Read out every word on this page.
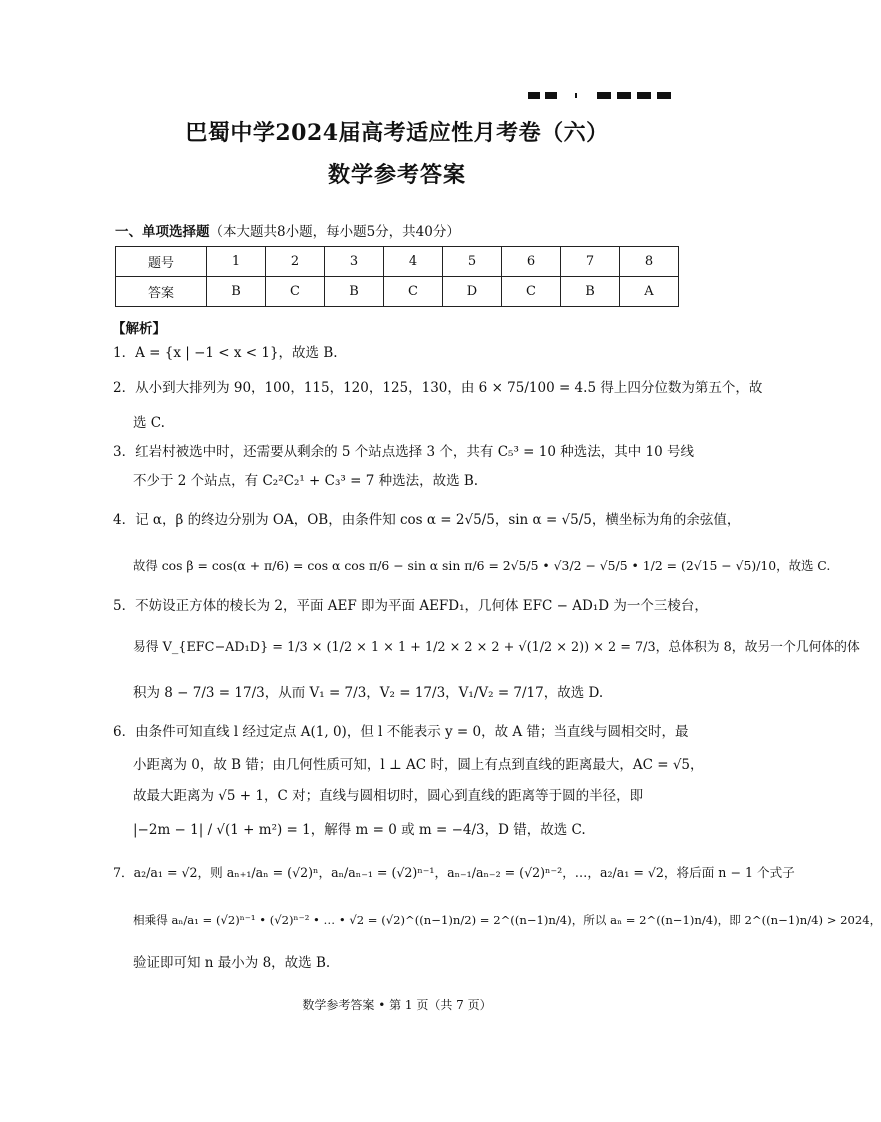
巴蜀中学2024届高考适应性月考卷（六）
数学参考答案
一、单项选择题（本大题共8小题，每小题5分，共40分）
题号	1	2	3	4	5	6	7	8
答案	B	C	B	C	D	C	B	A
【解析】
1．A = {x | −1 < x < 1}，故选 B.
2．从小到大排列为 90，100，115，120，125，130，由 6 × 75/100 = 4.5 得上四分位数为第五个，故
选 C.
3．红岩村被选中时，还需要从剩余的 5 个站点选择 3 个，共有 C₅³ = 10 种选法，其中 10 号线
不少于 2 个站点，有 C₂²C₂¹ + C₃³ = 7 种选法，故选 B.
4．记 α，β 的终边分别为 OA，OB，由条件知 cos α = 2√5/5，sin α = √5/5，横坐标为角的余弦值，
故得 cos β = cos(α + π/6) = cos α cos π/6 − sin α sin π/6 = 2√5/5 • √3/2 − √5/5 • 1/2 = (2√15 − √5)/10，故选 C.
5．不妨设正方体的棱长为 2，平面 AEF 即为平面 AEFD₁，几何体 EFC − AD₁D 为一个三棱台，
易得 V_{EFC−AD₁D} = 1/3 × (1/2 × 1 × 1 + 1/2 × 2 × 2 + √(1/2 × 2)) × 2 = 7/3，总体积为 8，故另一个几何体的体
积为 8 − 7/3 = 17/3，从而 V₁ = 7/3，V₂ = 17/3，V₁/V₂ = 7/17，故选 D.
6．由条件可知直线 l 经过定点 A(1, 0)，但 l 不能表示 y = 0，故 A 错；当直线与圆相交时，最
小距离为 0，故 B 错；由几何性质可知，l ⊥ AC 时，圆上有点到直线的距离最大，AC = √5，
故最大距离为 √5 + 1，C 对；直线与圆相切时，圆心到直线的距离等于圆的半径，即
|−2m − 1| / √(1 + m²) = 1，解得 m = 0 或 m = −4/3，D 错，故选 C.
7．a₂/a₁ = √2，则 aₙ₊₁/aₙ = (√2)ⁿ，aₙ/aₙ₋₁ = (√2)ⁿ⁻¹，aₙ₋₁/aₙ₋₂ = (√2)ⁿ⁻²，…，a₂/a₁ = √2，将后面 n − 1 个式子
相乘得 aₙ/a₁ = (√2)ⁿ⁻¹ • (√2)ⁿ⁻² • … • √2 = (√2)^((n−1)n/2) = 2^((n−1)n/4)，所以 aₙ = 2^((n−1)n/4)，即 2^((n−1)n/4) > 2024，
验证即可知 n 最小为 8，故选 B.
数学参考答案 • 第 1 页（共 7 页）
